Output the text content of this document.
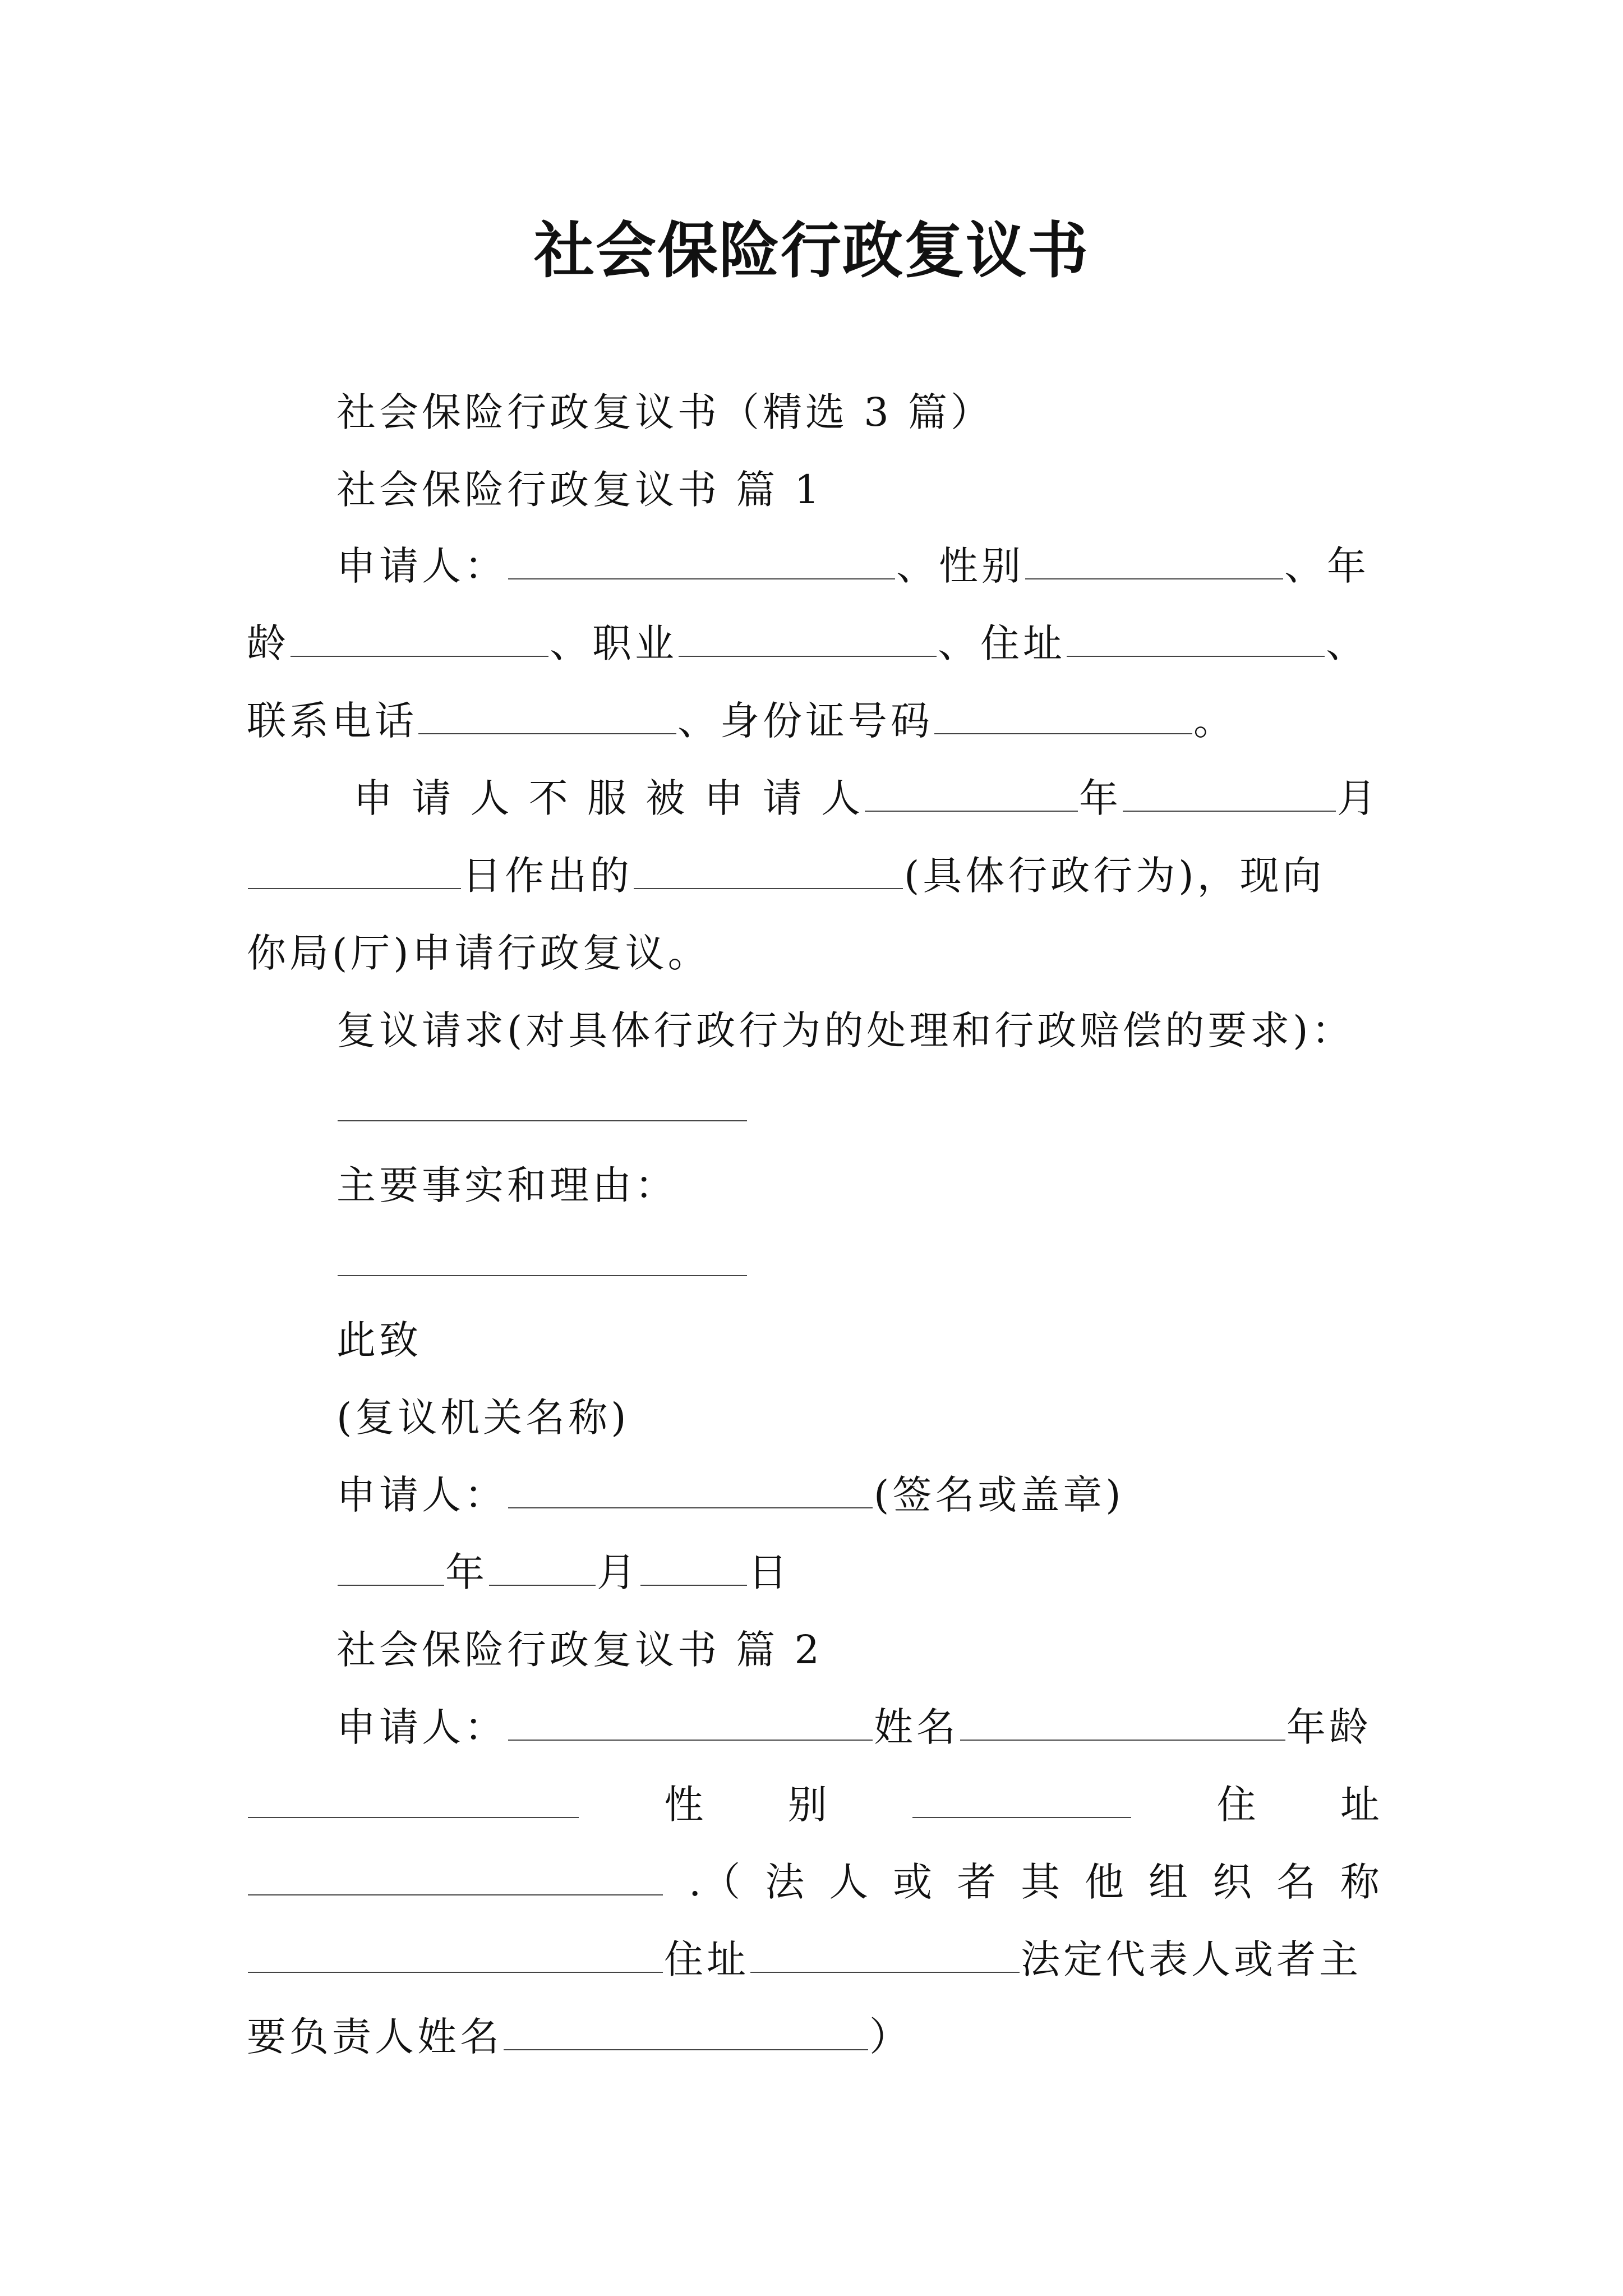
社会保险行政复议书
社会保险行政复议书（精选 3 篇）
社会保险行政复议书 篇 1
申请人：	、性别	、年
龄	、职业	、住址	、
联系电话	、身份证号码	。
申 请 人 不 服 被 申 请 人	年	月
日作出的	(具体行政行为)，现向
你局(厅)申请行政复议。
复议请求(对具体行政行为的处理和行政赔偿的要求)：
主要事实和理由：
此致
(复议机关名称)
申请人：	(签名或盖章)
年	月	日
社会保险行政复议书 篇 2
申请人：	姓名	年龄
性 别	住 址
.（ 法 人 或 者 其 他 组 织 名 称
住址	法定代表人或者主
要负责人姓名	）
